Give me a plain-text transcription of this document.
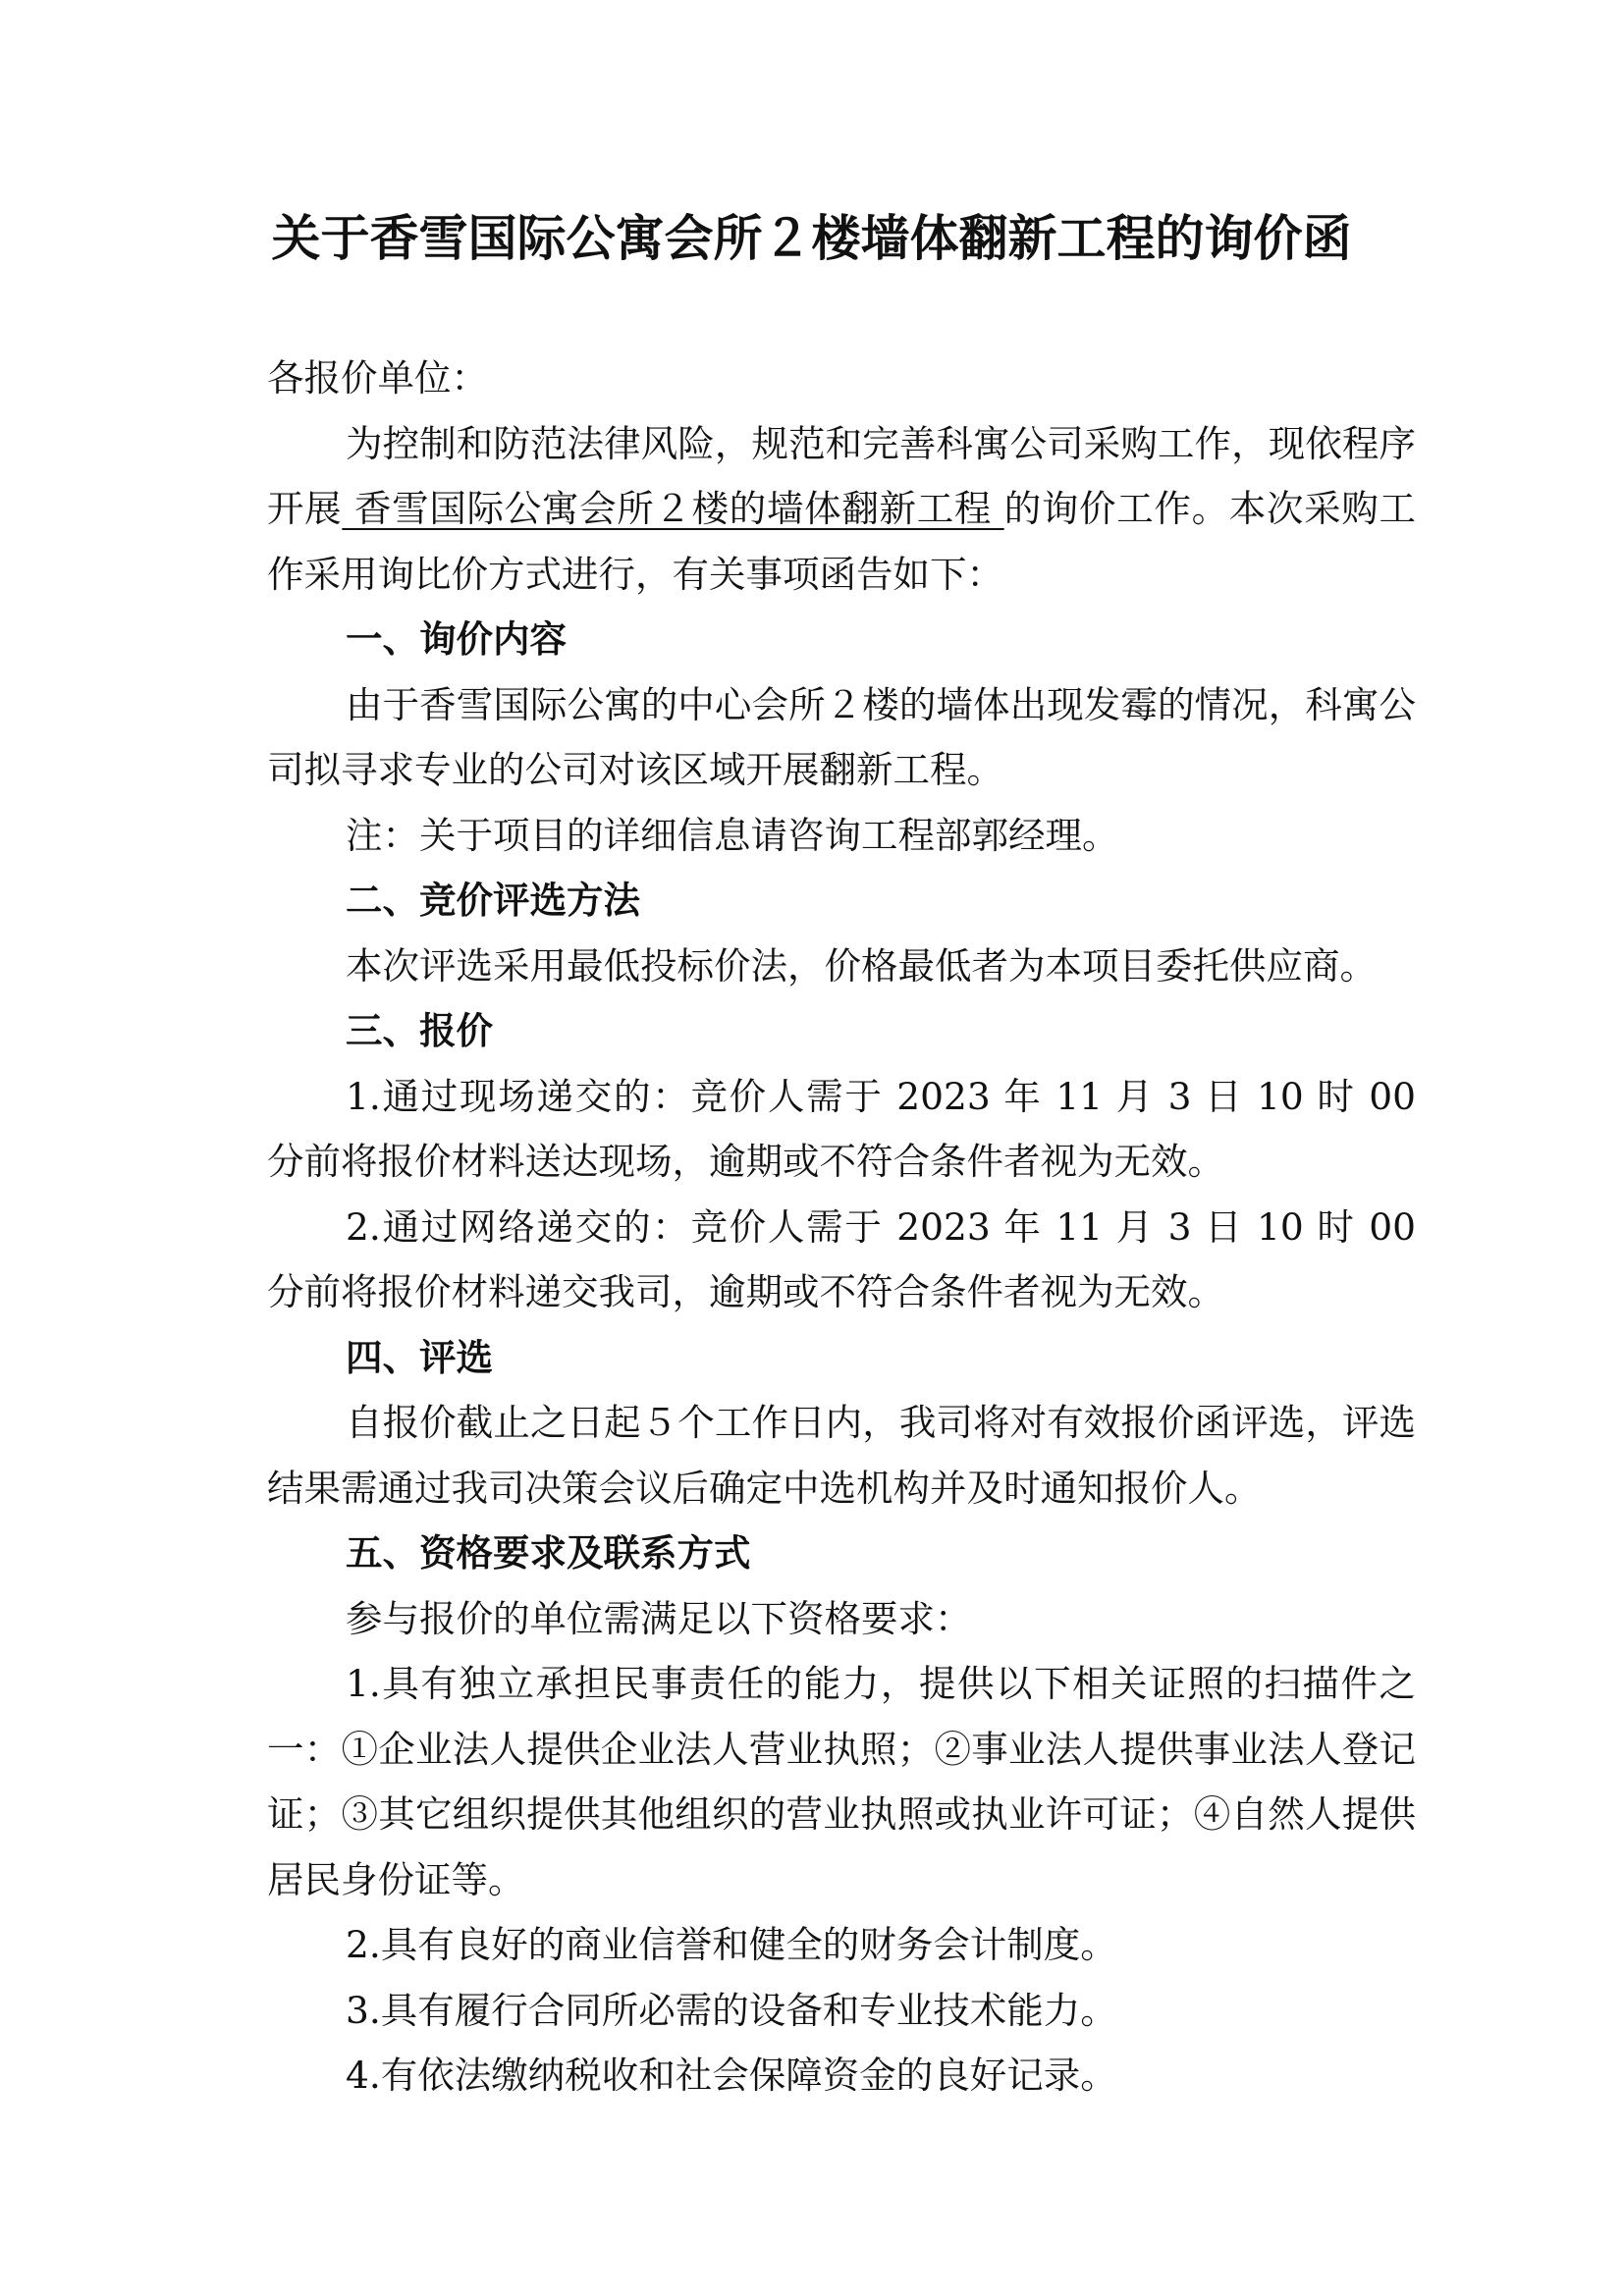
关于香雪国际公寓会所２楼墙体翻新工程的询价函

各报价单位：

为控制和防范法律风险，规范和完善科寓公司采购工作，现依程序开展 香雪国际公寓会所２楼的墙体翻新工程 的询价工作。本次采购工作采用询比价方式进行，有关事项函告如下：

一、询价内容

由于香雪国际公寓的中心会所２楼的墙体出现发霉的情况，科寓公司拟寻求专业的公司对该区域开展翻新工程。

注：关于项目的详细信息请咨询工程部郭经理。

二、竞价评选方法

本次评选采用最低投标价法，价格最低者为本项目委托供应商。

三、报价

1.通过现场递交的：竞价人需于 2023 年 11 月 3 日 10 时 00 分前将报价材料送达现场，逾期或不符合条件者视为无效。

2.通过网络递交的：竞价人需于 2023 年 11 月 3 日 10 时 00 分前将报价材料递交我司，逾期或不符合条件者视为无效。

四、评选

自报价截止之日起５个工作日内，我司将对有效报价函评选，评选结果需通过我司决策会议后确定中选机构并及时通知报价人。

五、资格要求及联系方式

参与报价的单位需满足以下资格要求：

1.具有独立承担民事责任的能力，提供以下相关证照的扫描件之一：①企业法人提供企业法人营业执照；②事业法人提供事业法人登记证；③其它组织提供其他组织的营业执照或执业许可证；④自然人提供居民身份证等。

2.具有良好的商业信誉和健全的财务会计制度。

3.具有履行合同所必需的设备和专业技术能力。

4.有依法缴纳税收和社会保障资金的良好记录。
